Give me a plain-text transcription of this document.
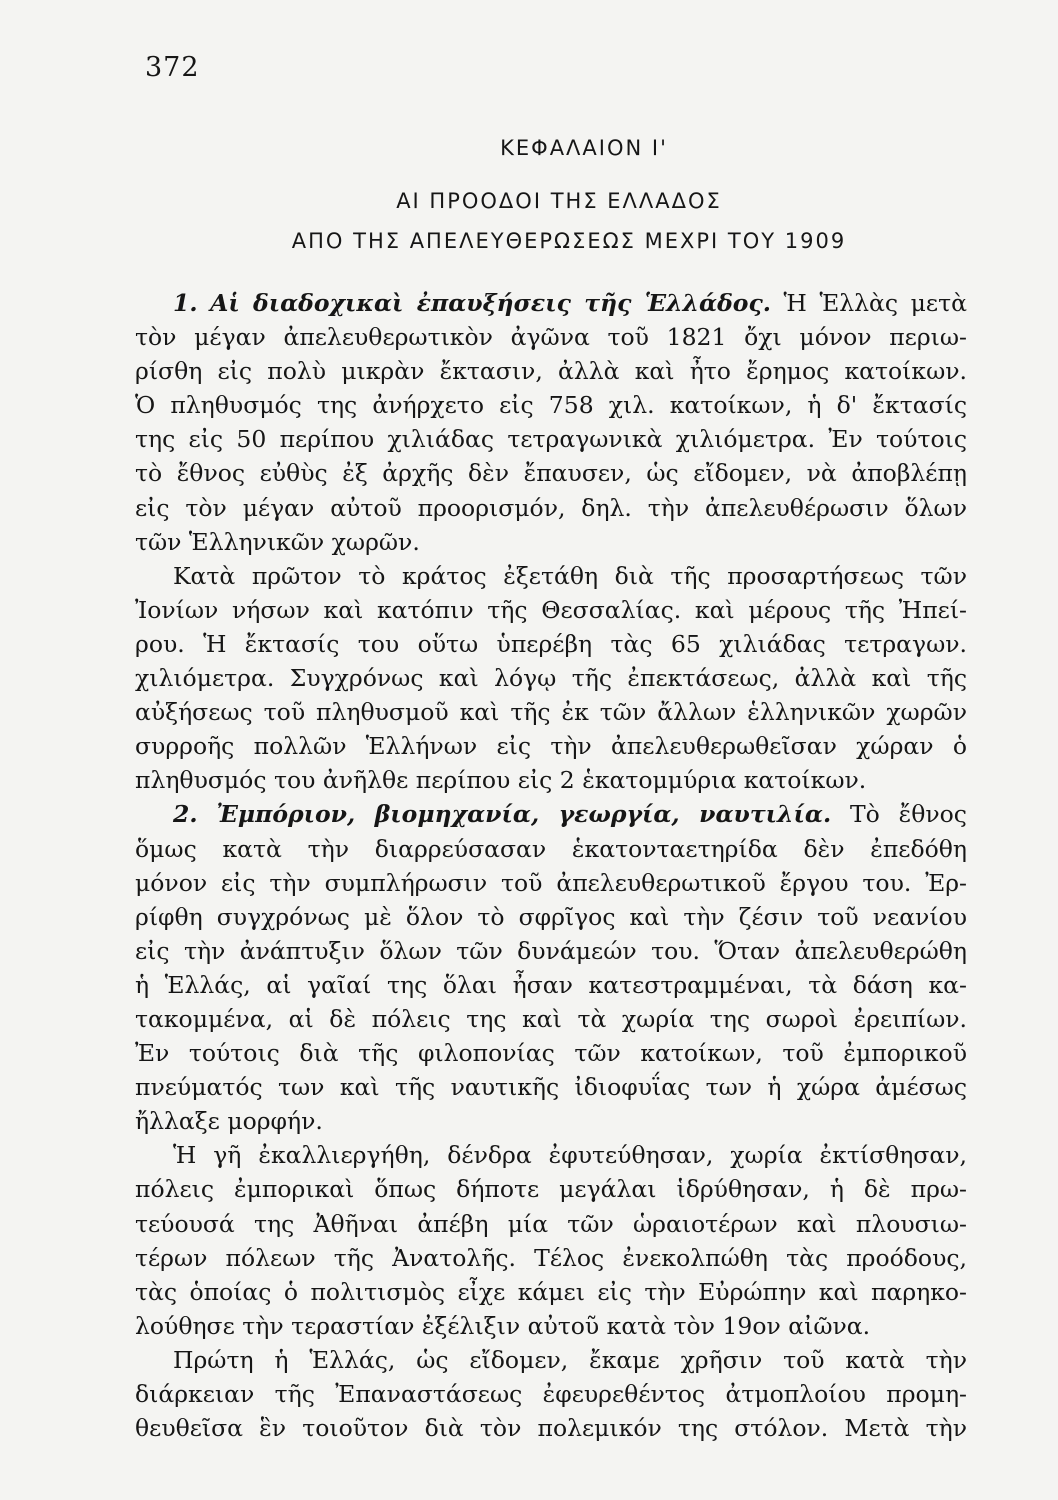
372
ΚΕΦΑΛΑΙΟΝ Ι'
ΑΙ ΠΡΟΟΔΟΙ ΤΗΣ ΕΛΛΑΔΟΣ
ΑΠΟ ΤΗΣ ΑΠΕΛΕΥΘΕΡΩΣΕΩΣ ΜΕΧΡΙ ΤΟΥ 1909
1. Αἱ διαδοχικαὶ ἐπαυξήσεις τῆς Ἑλλάδος. Ἡ Ἑλλὰς μετὰ
τὸν μέγαν ἀπελευθερωτικὸν ἀγῶνα τοῦ 1821 ὄχι μόνον περιω-
ρίσθη εἰς πολὺ μικρὰν ἔκτασιν, ἀλλὰ καὶ ἦτο ἔρημος κατοίκων.
Ὁ πληθυσμός της ἀνήρχετο εἰς 758 χιλ. κατοίκων, ἡ δ' ἔκτασίς
της εἰς 50 περίπου χιλιάδας τετραγωνικὰ χιλιόμετρα. Ἐν τούτοις
τὸ ἔθνος εὐθὺς ἐξ ἀρχῆς δὲν ἔπαυσεν, ὡς εἴδομεν, νὰ ἀποβλέπῃ
εἰς τὸν μέγαν αὐτοῦ προορισμόν, δηλ. τὴν ἀπελευθέρωσιν ὅλων
τῶν Ἑλληνικῶν χωρῶν.
Κατὰ πρῶτον τὸ κράτος ἐξετάθη διὰ τῆς προσαρτήσεως τῶν
Ἰονίων νήσων καὶ κατόπιν τῆς Θεσσαλίας. καὶ μέρους τῆς Ἠπεί-
ρου. Ἡ ἔκτασίς του οὕτω ὑπερέβη τὰς 65 χιλιάδας τετραγων.
χιλιόμετρα. Συγχρόνως καὶ λόγῳ τῆς ἐπεκτάσεως, ἀλλὰ καὶ τῆς
αὐξήσεως τοῦ πληθυσμοῦ καὶ τῆς ἐκ τῶν ἄλλων ἑλληνικῶν χωρῶν
συρροῆς πολλῶν Ἑλλήνων εἰς τὴν ἀπελευθερωθεῖσαν χώραν ὁ
πληθυσμός του ἀνῆλθε περίπου εἰς 2 ἑκατομμύρια κατοίκων.
2. Ἐμπόριον, βιομηχανία, γεωργία, ναυτιλία. Τὸ ἔθνος
ὅμως κατὰ τὴν διαρρεύσασαν ἑκατονταετηρίδα δὲν ἐπεδόθη
μόνον εἰς τὴν συμπλήρωσιν τοῦ ἀπελευθερωτικοῦ ἔργου του. Ἐρ-
ρίφθη συγχρόνως μὲ ὅλον τὸ σφρῖγος καὶ τὴν ζέσιν τοῦ νεανίου
εἰς τὴν ἀνάπτυξιν ὅλων τῶν δυνάμεών του. Ὅταν ἀπελευθερώθη
ἡ Ἑλλάς, αἱ γαῖαί της ὅλαι ἦσαν κατεστραμμέναι, τὰ δάση κα-
τακομμένα, αἱ δὲ πόλεις της καὶ τὰ χωρία της σωροὶ ἐρειπίων.
Ἐν τούτοις διὰ τῆς φιλοπονίας τῶν κατοίκων, τοῦ ἐμπορικοῦ
πνεύματός των καὶ τῆς ναυτικῆς ἰδιοφυΐας των ἡ χώρα ἀμέσως
ἤλλαξε μορφήν.
Ἡ γῆ ἐκαλλιεργήθη, δένδρα ἐφυτεύθησαν, χωρία ἐκτίσθησαν,
πόλεις ἐμπορικαὶ ὅπως δήποτε μεγάλαι ἱδρύθησαν, ἡ δὲ πρω-
τεύουσά της Ἀθῆναι ἀπέβη μία τῶν ὡραιοτέρων καὶ πλουσιω-
τέρων πόλεων τῆς Ἀνατολῆς. Τέλος ἐνεκολπώθη τὰς προόδους,
τὰς ὁποίας ὁ πολιτισμὸς εἶχε κάμει εἰς τὴν Εὐρώπην καὶ παρηκο-
λούθησε τὴν τεραστίαν ἐξέλιξιν αὐτοῦ κατὰ τὸν 19ον αἰῶνα.
Πρώτη ἡ Ἑλλάς, ὡς εἴδομεν, ἔκαμε χρῆσιν τοῦ κατὰ τὴν
διάρκειαν τῆς Ἐπαναστάσεως ἐφευρεθέντος ἀτμοπλοίου προμη-
θευθεῖσα ἓν τοιοῦτον διὰ τὸν πολεμικόν της στόλον. Μετὰ τὴν
